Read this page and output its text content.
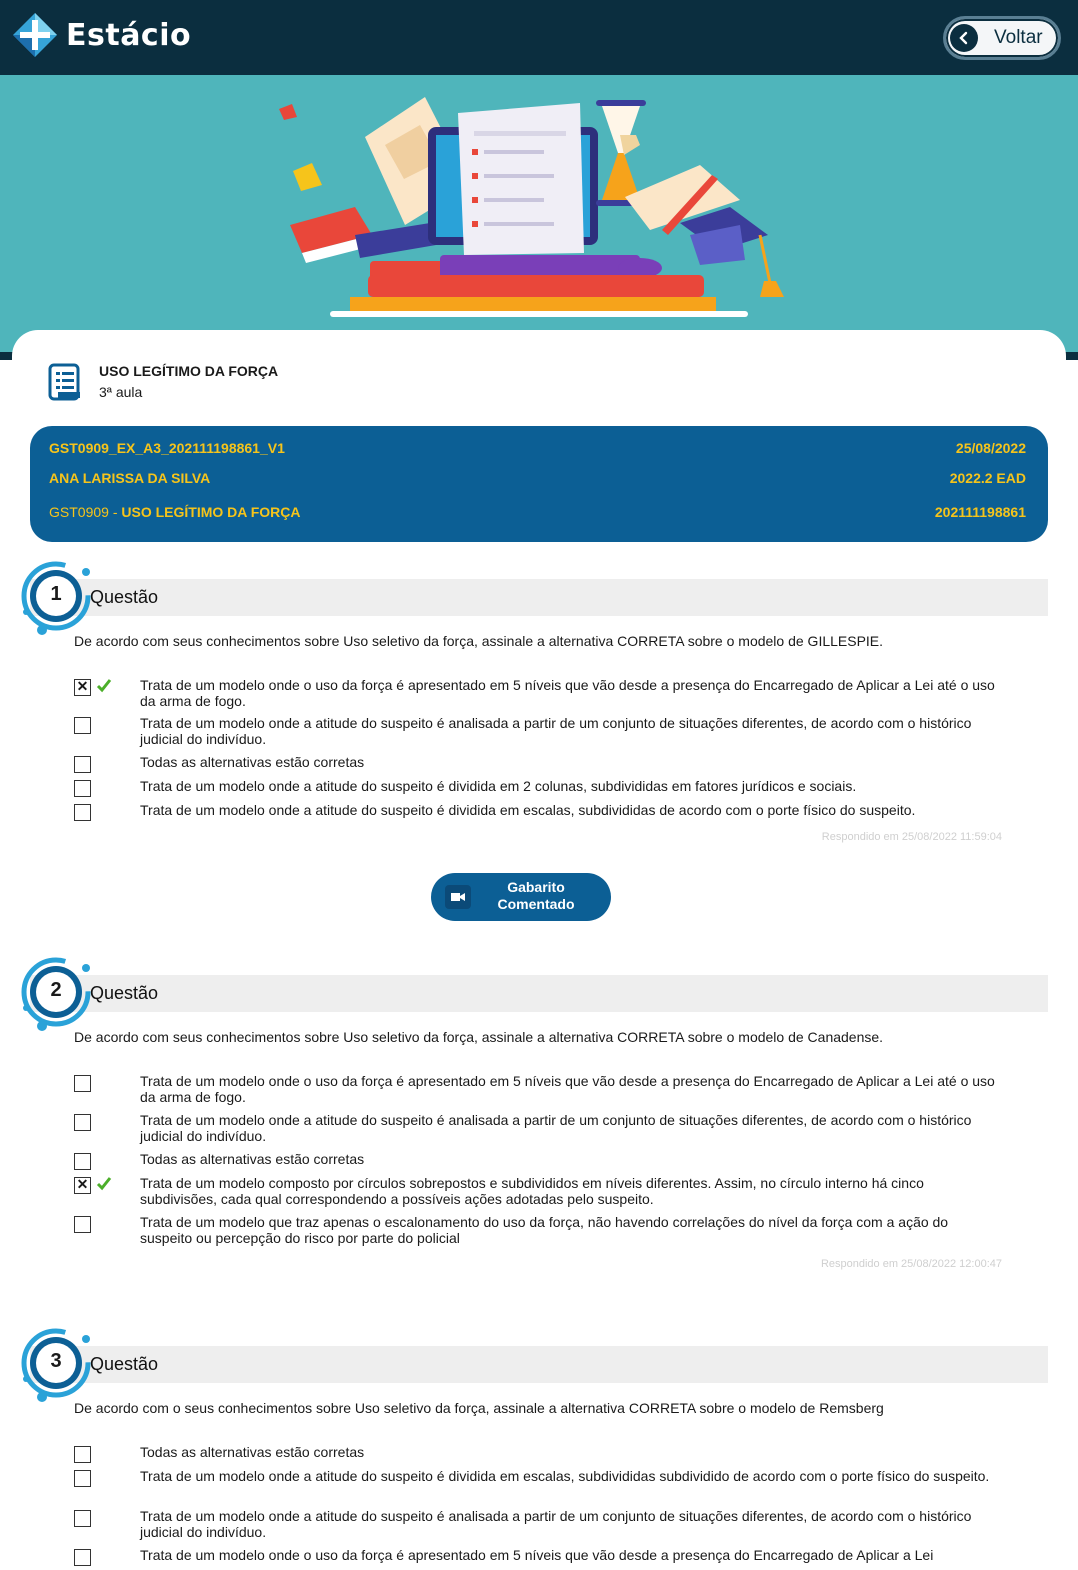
Estácio	Voltar
USO LEGÍTIMO DA FORÇA
3ª aula
GST0909_EX_A3_202111198861_V1	25/08/2022
ANA LARISSA DA SILVA	2022.2 EAD
GST0909 - USO LEGÍTIMO DA FORÇA	202111198861
Questão
1
De acordo com seus conhecimentos sobre Uso seletivo da força, assinale a alternativa CORRETA sobre o modelo de GILLESPIE.
✕	Trata de um modelo onde o uso da força é apresentado em 5 níveis que vão desde a presença do Encarregado de Aplicar a Lei até o uso da arma de fogo.
Trata de um modelo onde a atitude do suspeito é analisada a partir de um conjunto de situações diferentes, de acordo com o histórico judicial do indivíduo.
Todas as alternativas estão corretas
Trata de um modelo onde a atitude do suspeito é dividida em 2 colunas, subdivididas em fatores jurídicos e sociais.
Trata de um modelo onde a atitude do suspeito é dividida em escalas, subdivididas de acordo com o porte físico do suspeito.
Respondido em 25/08/2022 11:59:04
Gabarito
Comentado
Questão
2
De acordo com seus conhecimentos sobre Uso seletivo da força, assinale a alternativa CORRETA sobre o modelo de Canadense.
Trata de um modelo onde o uso da força é apresentado em 5 níveis que vão desde a presença do Encarregado de Aplicar a Lei até o uso da arma de fogo.
Trata de um modelo onde a atitude do suspeito é analisada a partir de um conjunto de situações diferentes, de acordo com o histórico judicial do indivíduo.
Todas as alternativas estão corretas
✕	Trata de um modelo composto por círculos sobrepostos e subdivididos em níveis diferentes. Assim, no círculo interno há cinco subdivisões, cada qual correspondendo a possíveis ações adotadas pelo suspeito.
Trata de um modelo que traz apenas o escalonamento do uso da força, não havendo correlações do nível da força com a ação do suspeito ou percepção do risco por parte do policial
Respondido em 25/08/2022 12:00:47
Questão
3
De acordo com o seus conhecimentos sobre Uso seletivo da força, assinale a alternativa CORRETA sobre o modelo de Remsberg
Todas as alternativas estão corretas
Trata de um modelo onde a atitude do suspeito é dividida em escalas, subdivididas subdividido de acordo com o porte físico do suspeito.
Trata de um modelo onde a atitude do suspeito é analisada a partir de um conjunto de situações diferentes, de acordo com o histórico judicial do indivíduo.
Trata de um modelo onde o uso da força é apresentado em 5 níveis que vão desde a presença do Encarregado de Aplicar a Lei
